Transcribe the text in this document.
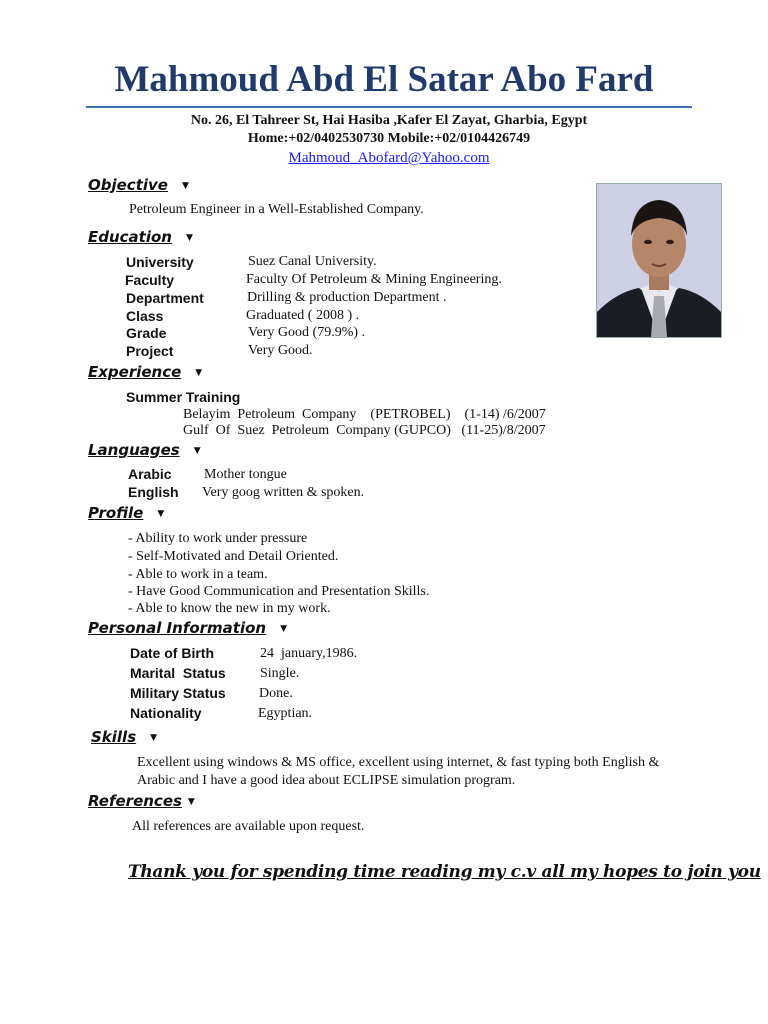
Mahmoud Abd El Satar Abo Fard
No. 26, El Tahreer St, Hai Hasiba ,Kafer El Zayat, Gharbia, Egypt
Home:+02/0402530730 Mobile:+02/0104426749
Mahmoud_Abofard@Yahoo.com
Objective ▼
Petroleum Engineer in a Well-Established Company.
Education ▼
University	Suez Canal University.
Faculty	Faculty Of Petroleum & Mining Engineering.
Department	Drilling & production Department .
Class	Graduated ( 2008 ) .
Grade	Very Good (79.9%) .
Project	Very Good.
Experience ▼
Summer Training
Belayim  Petroleum  Company    (PETROBEL)    (1-14) /6/2007
Gulf  Of  Suez  Petroleum  Company (GUPCO)   (11-25)/8/2007
Languages ▼
Arabic Mother tongue
English Very goog written & spoken.
Profile ▼
- Ability to work under pressure
- Self-Motivated and Detail Oriented.
- Able to work in a team.
- Have Good Communication and Presentation Skills.
- Able to know the new in my work.
Personal Information ▼
Date of Birth	24  january,1986.
Marital  Status Single.
Military Status Done.
Nationality	Egyptian.
Skills ▼
Excellent using windows & MS office, excellent using internet, & fast typing both English &
Arabic and I have a good idea about ECLIPSE simulation program.
References ▼
All references are available upon request.
Thank you for spending time reading my c.v all my hopes to join you
